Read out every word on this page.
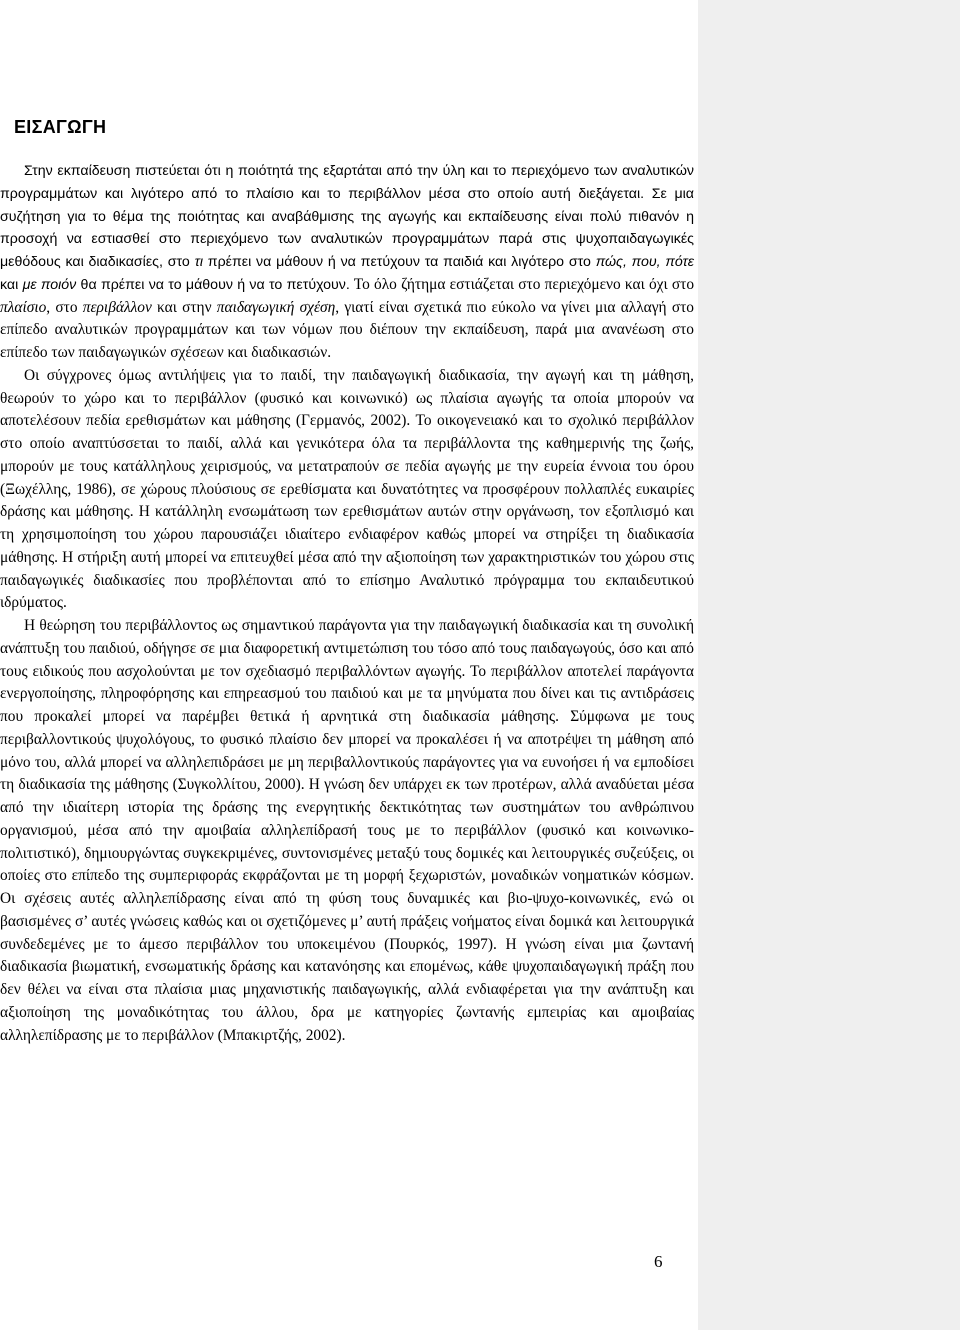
ΕΙΣΑΓΩΓΗ

Στην εκπαίδευση πιστεύεται ότι η ποιότητά της εξαρτάται από την ύλη και το περιεχόμενο των αναλυτικών προγραμμάτων και λιγότερο από το πλαίσιο και το περιβάλλον μέσα στο οποίο αυτή διεξάγεται. Σε μια συζήτηση για το θέμα της ποιότητας και αναβάθμισης της αγωγής και εκπαίδευσης είναι πολύ πιθανόν η προσοχή να εστιασθεί στο περιεχόμενο των αναλυτικών προγραμμάτων παρά στις ψυχοπαιδαγωγικές μεθόδους και διαδικασίες, στο τι πρέπει να μάθουν ή να πετύχουν τα παιδιά και λιγότερο στο πώς, που, πότε και με ποιόν θα πρέπει να το μάθουν ή να το πετύχουν. Το όλο ζήτημα εστιάζεται στο περιεχόμενο και όχι στο πλαίσιο, στο περιβάλλον και στην παιδαγωγική σχέση, γιατί είναι σχετικά πιο εύκολο να γίνει μια αλλαγή στο επίπεδο αναλυτικών προγραμμάτων και των νόμων που διέπουν την εκπαίδευση, παρά μια ανανέωση στο επίπεδο των παιδαγωγικών σχέσεων και διαδικασιών.

Οι σύγχρονες όμως αντιλήψεις για το παιδί, την παιδαγωγική διαδικασία, την αγωγή και τη μάθηση, θεωρούν το χώρο και το περιβάλλον (φυσικό και κοινωνικό) ως πλαίσια αγωγής τα οποία μπορούν να αποτελέσουν πεδία ερεθισμάτων και μάθησης (Γερμανός, 2002). Το οικογενειακό και το σχολικό περιβάλλον στο οποίο αναπτύσσεται το παιδί, αλλά και γενικότερα όλα τα περιβάλλοντα της καθημερινής της ζωής, μπορούν με τους κατάλληλους χειρισμούς, να μετατραπούν σε πεδία αγωγής με την ευρεία έννοια του όρου (Ξωχέλλης, 1986), σε χώρους πλούσιους σε ερεθίσματα και δυνατότητες να προσφέρουν πολλαπλές ευκαιρίες δράσης και μάθησης. Η κατάλληλη ενσωμάτωση των ερεθισμάτων αυτών στην οργάνωση, τον εξοπλισμό και τη χρησιμοποίηση του χώρου παρουσιάζει ιδιαίτερο ενδιαφέρον καθώς μπορεί να στηρίξει τη διαδικασία μάθησης. Η στήριξη αυτή μπορεί να επιτευχθεί μέσα από την αξιοποίηση των χαρακτηριστικών του χώρου στις παιδαγωγικές διαδικασίες που προβλέπονται από το επίσημο Αναλυτικό πρόγραμμα του εκπαιδευτικού ιδρύματος.

Η θεώρηση του περιβάλλοντος ως σημαντικού παράγοντα για την παιδαγωγική διαδικασία και τη συνολική ανάπτυξη του παιδιού, οδήγησε σε μια διαφορετική αντιμετώπιση του τόσο από τους παιδαγωγούς, όσο και από τους ειδικούς που ασχολούνται με τον σχεδιασμό περιβαλλόντων αγωγής. Το περιβάλλον αποτελεί παράγοντα ενεργοποίησης, πληροφόρησης και επηρεασμού του παιδιού και με τα μηνύματα που δίνει και τις αντιδράσεις που προκαλεί μπορεί να παρέμβει θετικά ή αρνητικά στη διαδικασία μάθησης. Σύμφωνα με τους περιβαλλοντικούς ψυχολόγους, το φυσικό πλαίσιο δεν μπορεί να προκαλέσει ή να αποτρέψει τη μάθηση από μόνο του, αλλά μπορεί να αλληλεπιδράσει με μη περιβαλλοντικούς παράγοντες για να ευνοήσει ή να εμποδίσει τη διαδικασία της μάθησης (Συγκολλίτου, 2000). Η γνώση δεν υπάρχει εκ των προτέρων, αλλά αναδύεται μέσα από την ιδιαίτερη ιστορία της δράσης της ενεργητικής δεκτικότητας των συστημάτων του ανθρώπινου οργανισμού, μέσα από την αμοιβαία αλληλεπίδρασή τους με το περιβάλλον (φυσικό και κοινωνικο-πολιτιστικό), δημιουργώντας συγκεκριμένες, συντονισμένες μεταξύ τους δομικές και λειτουργικές συζεύξεις, οι οποίες στο επίπεδο της συμπεριφοράς εκφράζονται με τη μορφή ξεχωριστών, μοναδικών νοηματικών κόσμων. Οι σχέσεις αυτές αλληλεπίδρασης είναι από τη φύση τους δυναμικές και βιο-ψυχο-κοινωνικές, ενώ οι βασισμένες σ’ αυτές γνώσεις καθώς και οι σχετιζόμενες μ’ αυτή πράξεις νοήματος είναι δομικά και λειτουργικά συνδεδεμένες με το άμεσο περιβάλλον του υποκειμένου (Πουρκός, 1997). Η γνώση είναι μια ζωντανή διαδικασία βιωματική, ενσωματικής δράσης και κατανόησης και επομένως, κάθε ψυχοπαιδαγωγική πράξη που δεν θέλει να είναι στα πλαίσια μιας μηχανιστικής παιδαγωγικής, αλλά ενδιαφέρεται για την ανάπτυξη και αξιοποίηση της μοναδικότητας του άλλου, δρα με κατηγορίες ζωντανής εμπειρίας και αμοιβαίας αλληλεπίδρασης με το περιβάλλον (Μπακιρτζής, 2002).

6
